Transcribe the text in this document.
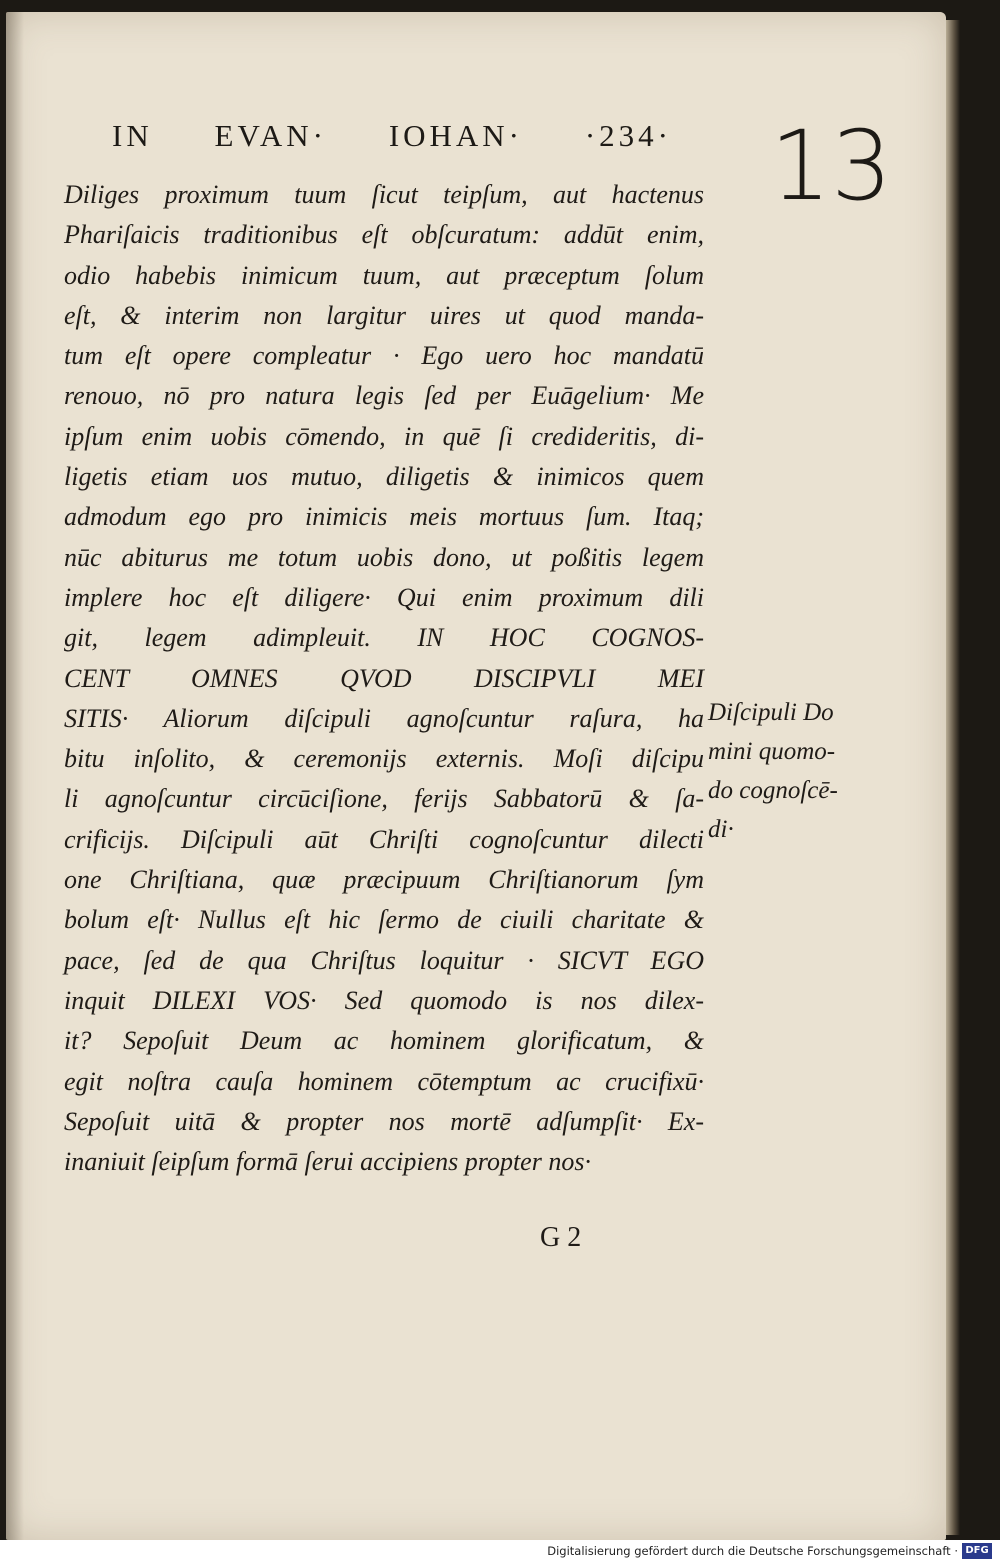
IN EVAN· IOHAN· ·234· 13
Diliges proximum tuum ſicut teipſum, aut hactenus
Phariſaicis traditionibus eſt obſcuratum: addūt enim,
odio habebis inimicum tuum, aut præceptum ſolum
eſt, & interim non largitur uires ut quod manda-
tum eſt opere compleatur · Ego uero hoc mandatū
renouo, nō pro natura legis ſed per Euāgelium· Me
ipſum enim uobis cōmendo, in quē ſi credideritis, di-
ligetis etiam uos mutuo, diligetis & inimicos quem
admodum ego pro inimicis meis mortuus ſum. Itaq;
nūc abiturus me totum uobis dono, ut poßitis legem
implere hoc eſt diligere· Qui enim proximum dili
git, legem adimpleuit. IN HOC COGNOS-
CENT OMNES QVOD DISCIPVLI MEI
SITIS· Aliorum diſcipuli agnoſcuntur raſura, ha
bitu inſolito, & ceremonijs externis. Moſi diſcipu
li agnoſcuntur circūciſione, ferijs Sabbatorū & ſa-
crificijs. Diſcipuli aūt Chriſti cognoſcuntur dilecti
one Chriſtiana, quæ præcipuum Chriſtianorum ſym
bolum eſt· Nullus eſt hic ſermo de ciuili charitate &
pace, ſed de qua Chriſtus loquitur · SICVT EGO
inquit DILEXI VOS· Sed quomodo is nos dilex-
it? Sepoſuit Deum ac hominem glorificatum, &
egit noſtra cauſa hominem cōtemptum ac crucifixū·
Sepoſuit uitā & propter nos mortē adſumpſit· Ex-
inaniuit ſeipſum formā ſerui accipiens propter nos·
Diſcipuli Do
mini quomo-
do cognoſcē-
di·
G 2
Digitalisierung gefördert durch die Deutsche Forschungsgemeinschaft · DFG
